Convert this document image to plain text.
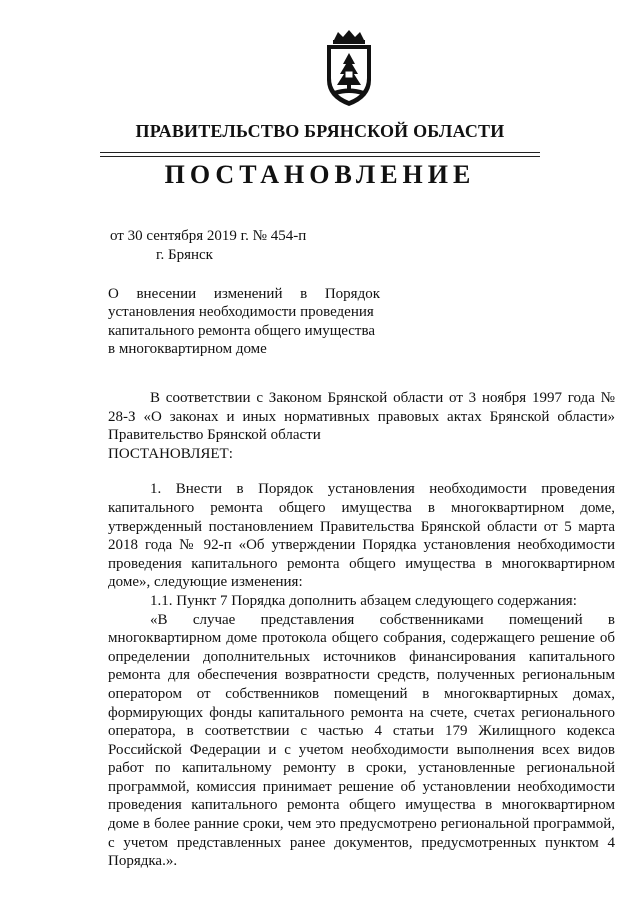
ПРАВИТЕЛЬСТВО БРЯНСКОЙ ОБЛАСТИ
ПОСТАНОВЛЕНИЕ
от 30 сентября 2019 г. № 454-п
г. Брянск
О внесении изменений в Порядок
установления необходимости проведения капитального ремонта общего имущества в многоквартирном доме

В соответствии с Законом Брянской области от 3 ноября 1997 года № 28-З «О законах и иных нормативных правовых актах Брянской области» Правительство Брянской области

ПОСТАНОВЛЯЕТ:

1. Внести в Порядок установления необходимости проведения капитального ремонта общего имущества в многоквартирном доме, утвержденный постановлением Правительства Брянской области от 5 марта 2018 года № 92-п «Об утверждении Порядка установления необходимости проведения капитального ремонта общего имущества в многоквартирном доме», следующие изменения:

1.1. Пункт 7 Порядка дополнить абзацем следующего содержания:

«В случае представления собственниками помещений в многоквартирном доме протокола общего собрания, содержащего решение об определении дополнительных источников финансирования капитального ремонта для обеспечения возвратности средств, полученных региональным оператором от собственников помещений в многоквартирных домах, формирующих фонды капитального ремонта на счете, счетах регионального оператора, в соответствии с частью 4 статьи 179 Жилищного кодекса Российской Федерации и с учетом необходимости выполнения всех видов работ по капитальному ремонту в сроки, установленные региональной программой, комиссия принимает решение об установлении необходимости проведения капитального ремонта общего имущества в многоквартирном доме в более ранние сроки, чем это предусмотрено региональной программой, с учетом представленных ранее документов, предусмотренных пунктом 4 Порядка.».
